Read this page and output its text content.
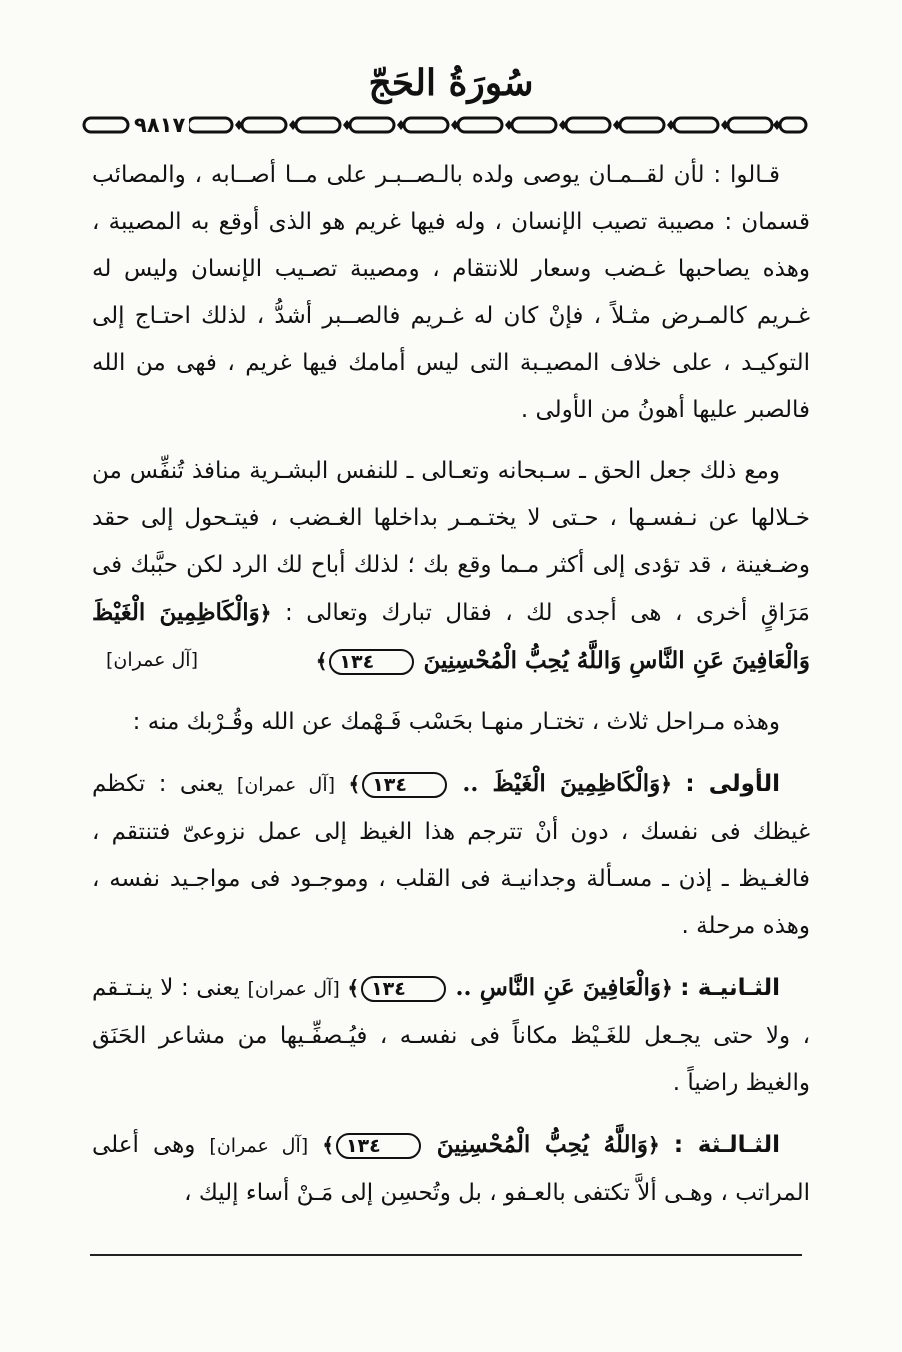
سُورَةُ الحَجّ
٩٨١٧

قـالوا : لأن لقــمـان يوصى ولده بالـصــبـر على مــا أصــابه ، والمصائب قسمان : مصيبة تصيب الإنسان ، وله فيها غريم هو الذى أوقع به المصيبة ، وهذه يصاحبها غـضب وسعار للانتقام ، ومصيبة تصـيب الإنسان وليس له غـريم كالمـرض مثـلاً ، فإنْ كان له غـريم فالصــبر أشدُّ ، لذلك احتـاج إلى التوكيـد ، على خلاف المصيـبة التى ليس أمامك فيها غريم ، فهى من الله فالصبر عليها أهونُ من الأولى .

ومع ذلك جعل الحق ـ سـبحانه وتعـالى ـ للنفس البشـرية منافذ تُنفِّس من خـلالها عن نـفسـها ، حـتى لا يختـمـر بداخلها الغـضب ، فيتـحول إلى حقد وضـغينة ، قد تؤدى إلى أكثر مـما وقع بك ؛ لذلك أباح لك الرد لكن حبَّبك فى مَرَاقٍ أخرى ، هى أجدى لك ، فقال تبارك وتعالى : ﴿وَالْكَاظِمِينَ الْغَيْظَ وَالْعَافِينَ عَنِ النَّاسِ وَاللَّهُ يُحِبُّ الْمُحْسِنِينَ ١٣٤﴾
[آل عمران]

وهذه مـراحل ثلاث ، تختـار منهـا بحَسْب فَـهْمك عن الله وقُـرْبك منه :

الأولى : ﴿وَالْكَاظِمِينَ الْغَيْظَ .. ١٣٤﴾ [آل عمران] يعنى : تكظم غيظك فى نفسك ، دون أنْ تترجم هذا الغيظ إلى عمل نزوعىّ فتنتقم ، فالغـيظ ـ إذن ـ مسـألة وجدانيـة فى القلب ، وموجـود فى مواجـيد نفسه ، وهذه مرحلة .

الثـانيـة : ﴿وَالْعَافِينَ عَنِ النَّاسِ .. ١٣٤﴾ [آل عمران] يعنى : لا ينـتـقم ، ولا حتى يجـعل للغَـيْظ مكاناً فى نفسـه ، فيُـصفِّـيها من مشاعر الحَنَق والغيظ راضياً .

الثـالـثة : ﴿وَاللَّهُ يُحِبُّ الْمُحْسِنِينَ ١٣٤﴾ [آل عمران] وهى أعلى المراتب ، وهـى ألاَّ تكتفى بالعـفو ، بل وتُحسِن إلى مَـنْ أساء إليك ،
